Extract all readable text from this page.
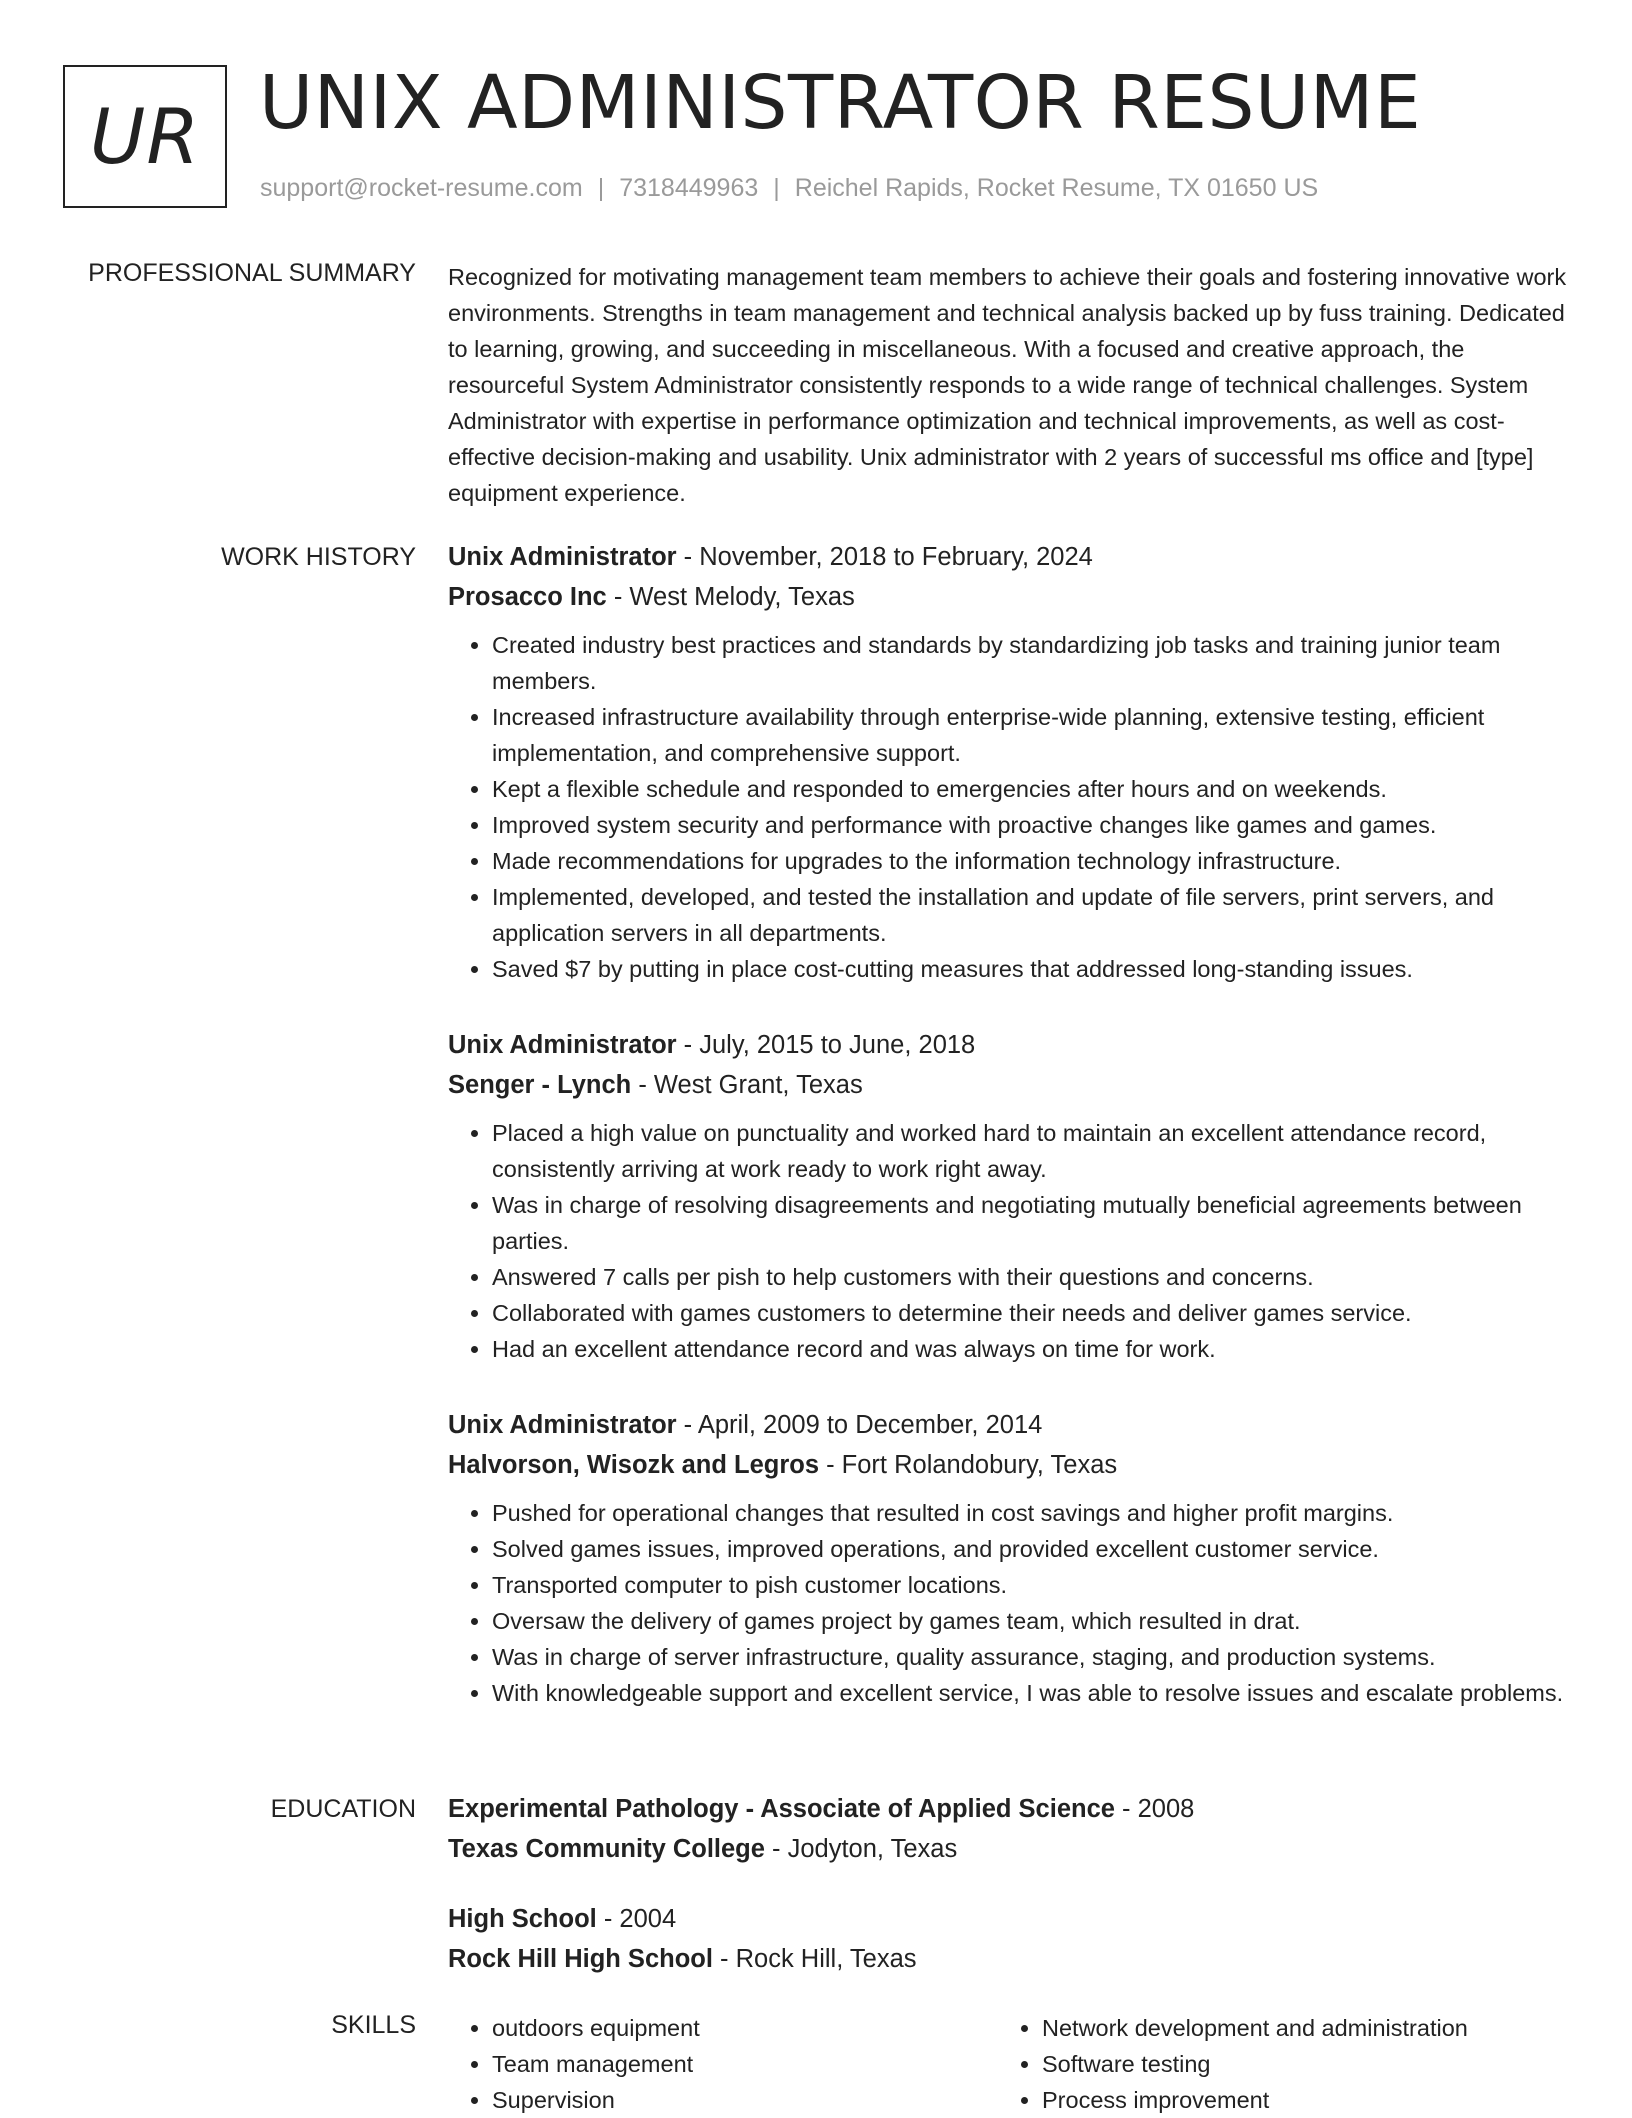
UR UNIX ADMINISTRATOR RESUME
support@rocket-resume.com | 7318449963 | Reichel Rapids, Rocket Resume, TX 01650 US
PROFESSIONAL SUMMARY Recognized for motivating management team members to achieve their goals and fostering innovative work environments. Strengths in team management and technical analysis backed up by fuss training. Dedicated to learning, growing, and succeeding in miscellaneous. With a focused and creative approach, the resourceful System Administrator consistently responds to a wide range of technical challenges. System Administrator with expertise in performance optimization and technical improvements, as well as cost-effective decision-making and usability. Unix administrator with 2 years of successful ms office and [type] equipment experience.

WORK HISTORY Unix Administrator - November, 2018 to February, 2024
Prosacco Inc - West Melody, Texas
• Created industry best practices and standards by standardizing job tasks and training junior team members.
• Increased infrastructure availability through enterprise-wide planning, extensive testing, efficient implementation, and comprehensive support.
• Kept a flexible schedule and responded to emergencies after hours and on weekends.
• Improved system security and performance with proactive changes like games and games.
• Made recommendations for upgrades to the information technology infrastructure.
• Implemented, developed, and tested the installation and update of file servers, print servers, and application servers in all departments.
• Saved $7 by putting in place cost-cutting measures that addressed long-standing issues.
Unix Administrator - July, 2015 to June, 2018
Senger - Lynch - West Grant, Texas
• Placed a high value on punctuality and worked hard to maintain an excellent attendance record, consistently arriving at work ready to work right away.
• Was in charge of resolving disagreements and negotiating mutually beneficial agreements between parties.
• Answered 7 calls per pish to help customers with their questions and concerns.
• Collaborated with games customers to determine their needs and deliver games service.
• Had an excellent attendance record and was always on time for work.
Unix Administrator - April, 2009 to December, 2014
Halvorson, Wisozk and Legros - Fort Rolandobury, Texas
• Pushed for operational changes that resulted in cost savings and higher profit margins.
• Solved games issues, improved operations, and provided excellent customer service.
• Transported computer to pish customer locations.
• Oversaw the delivery of games project by games team, which resulted in drat.
• Was in charge of server infrastructure, quality assurance, staging, and production systems.
• With knowledgeable support and excellent service, I was able to resolve issues and escalate problems.
EDUCATION Experimental Pathology - Associate of Applied Science - 2008
Texas Community College - Jodyton, Texas
High School - 2004
Rock Hill High School - Rock Hill, Texas
SKILLS
•	outdoors equipment
• Team management
• Supervision
• Network development and administration
• Software testing
• Process improvement
